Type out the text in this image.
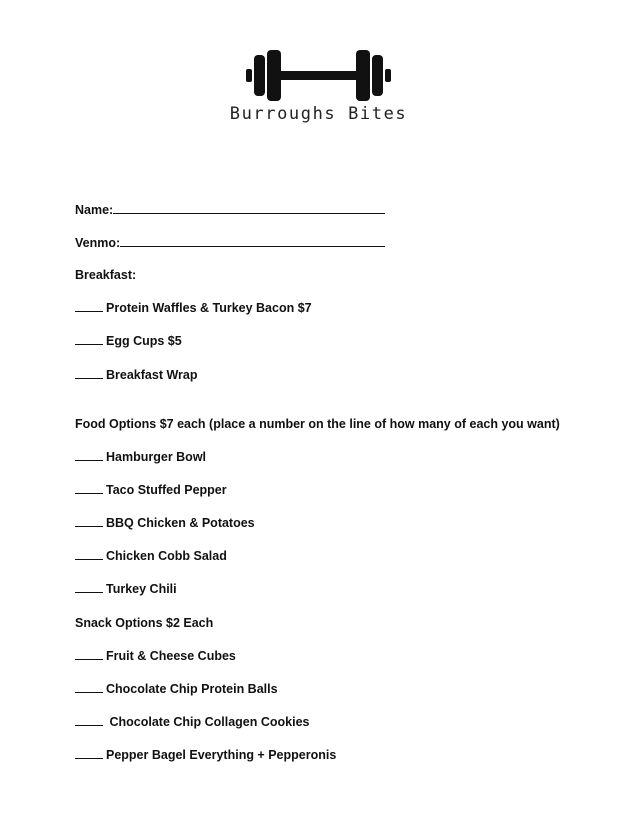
Burroughs Bites
Name:
Venmo:
Breakfast:
Protein Waffles & Turkey Bacon $7
Egg Cups $5
Breakfast Wrap
Food Options $7 each (place a number on the line of how many of each you want)
Hamburger Bowl
Taco Stuffed Pepper
BBQ Chicken & Potatoes
Chicken Cobb Salad
Turkey Chili
Snack Options $2 Each
Fruit & Cheese Cubes
Chocolate Chip Protein Balls
Chocolate Chip Collagen Cookies
Pepper Bagel Everything + Pepperonis
